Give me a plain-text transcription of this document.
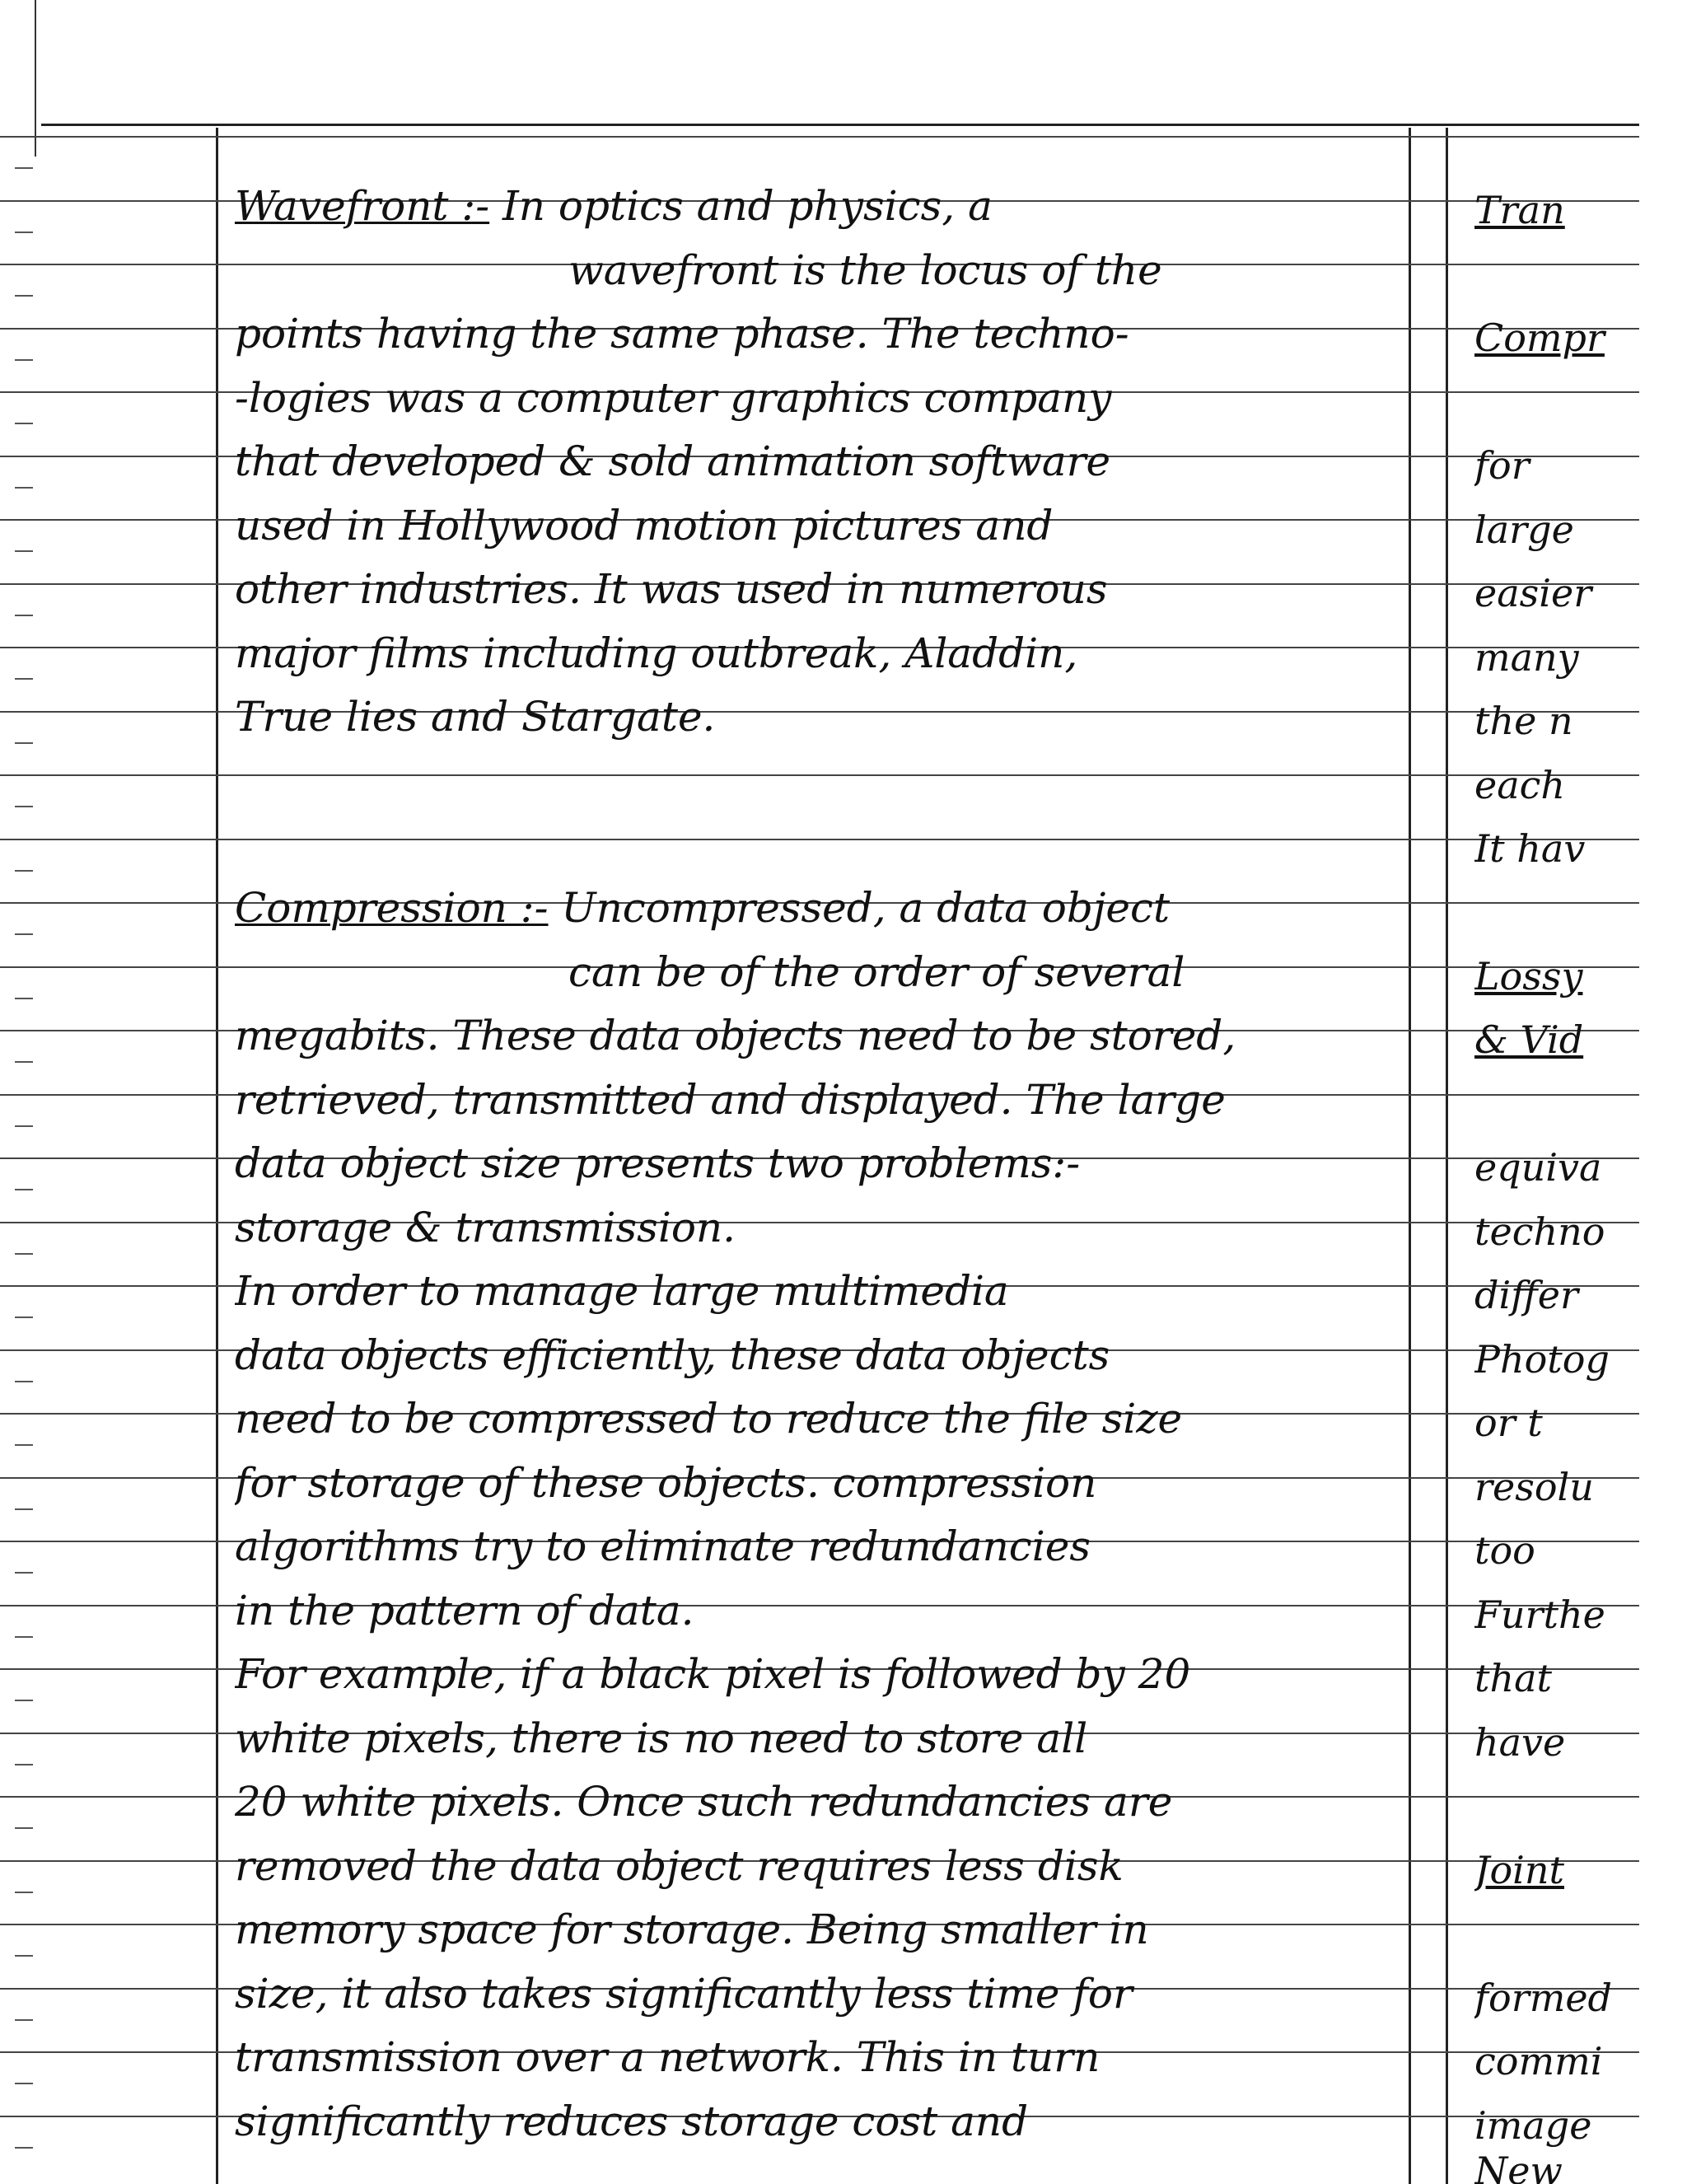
Wavefront :- In optics and physics, a
wavefront is the locus of the
points having the same phase. The techno-
-logies was a computer graphics company
that developed & sold animation software
used in Hollywood motion pictures and
other industries. It was used in numerous
major films including outbreak, Aladdin,
True lies and Stargate.
Compression :- Uncompressed, a data object
can be of the order of several
megabits. These data objects need to be stored,
retrieved, transmitted and displayed. The large
data object size presents two problems:-
storage & transmission.
In order to manage large multimedia
data objects efficiently, these data objects
need to be compressed to reduce the file size
for storage of these objects. compression
algorithms try to eliminate redundancies
in the pattern of data.
For example, if a black pixel is followed by 20
white pixels, there is no need to store all
20 white pixels. Once such redundancies are
removed the data object requires less disk
memory space for storage. Being smaller in
size, it also takes significantly less time for
transmission over a network. This in turn
significantly reduces storage cost and
Tran
Compr
for
large
easier
many
the n
each
It hav
Lossy
& Vid
equiva
techno
differ
Photog
or t
resolu
too
Furthe
that
have
Joint
formed
commi
image
New
